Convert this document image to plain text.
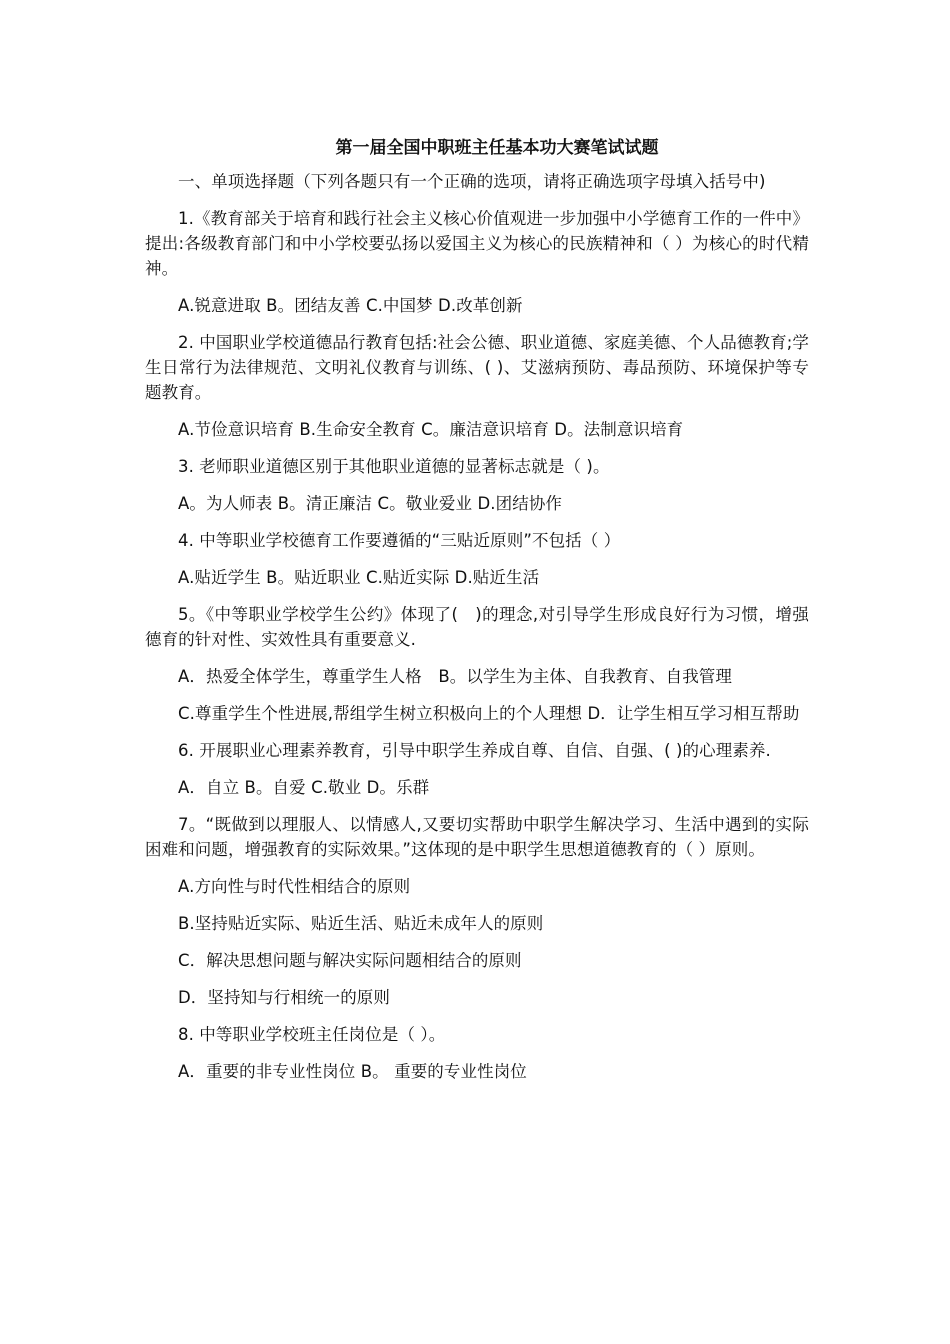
第一届全国中职班主任基本功大赛笔试试题

一、单项选择题（下列各题只有一个正确的选项，请将正确选项字母填入括号中)

1.《教育部关于培育和践行社会主义核心价值观进一步加强中小学德育工作的一件中》提出:各级教育部门和中小学校要弘扬以爱国主义为核心的民族精神和（ ）为核心的时代精神。

A.锐意进取 B。团结友善 C.中国梦 D.改革创新

2. 中国职业学校道德品行教育包括:社会公德、职业道德、家庭美德、个人品德教育;学生日常行为法律规范、文明礼仪教育与训练、( )、艾滋病预防、毒品预防、环境保护等专题教育。

A.节俭意识培育 B.生命安全教育 C。廉洁意识培育 D。法制意识培育

3. 老师职业道德区别于其他职业道德的显著标志就是（ )。

A。为人师表 B。清正廉洁 C。敬业爱业 D.团结协作

4. 中等职业学校德育工作要遵循的“三贴近原则”不包括（ ）

A.贴近学生 B。贴近职业 C.贴近实际 D.贴近生活

5。《中等职业学校学生公约》体现了(　)的理念,对引导学生形成良好行为习惯，增强德育的针对性、实效性具有重要意义.

A．热爱全体学生，尊重学生人格　B。以学生为主体、自我教育、自我管理

C.尊重学生个性进展,帮组学生树立积极向上的个人理想 D．让学生相互学习相互帮助

6. 开展职业心理素养教育，引导中职学生养成自尊、自信、自强、( )的心理素养.

A．自立 B。自爱 C.敬业 D。乐群

7。“既做到以理服人、以情感人,又要切实帮助中职学生解决学习、生活中遇到的实际困难和问题，增强教育的实际效果。”这体现的是中职学生思想道德教育的（ ）原则。

A.方向性与时代性相结合的原则

B.坚持贴近实际、贴近生活、贴近未成年人的原则

C．解决思想问题与解决实际问题相结合的原则

D．坚持知与行相统一的原则

8. 中等职业学校班主任岗位是（ ）。

A．重要的非专业性岗位 B。 重要的专业性岗位
